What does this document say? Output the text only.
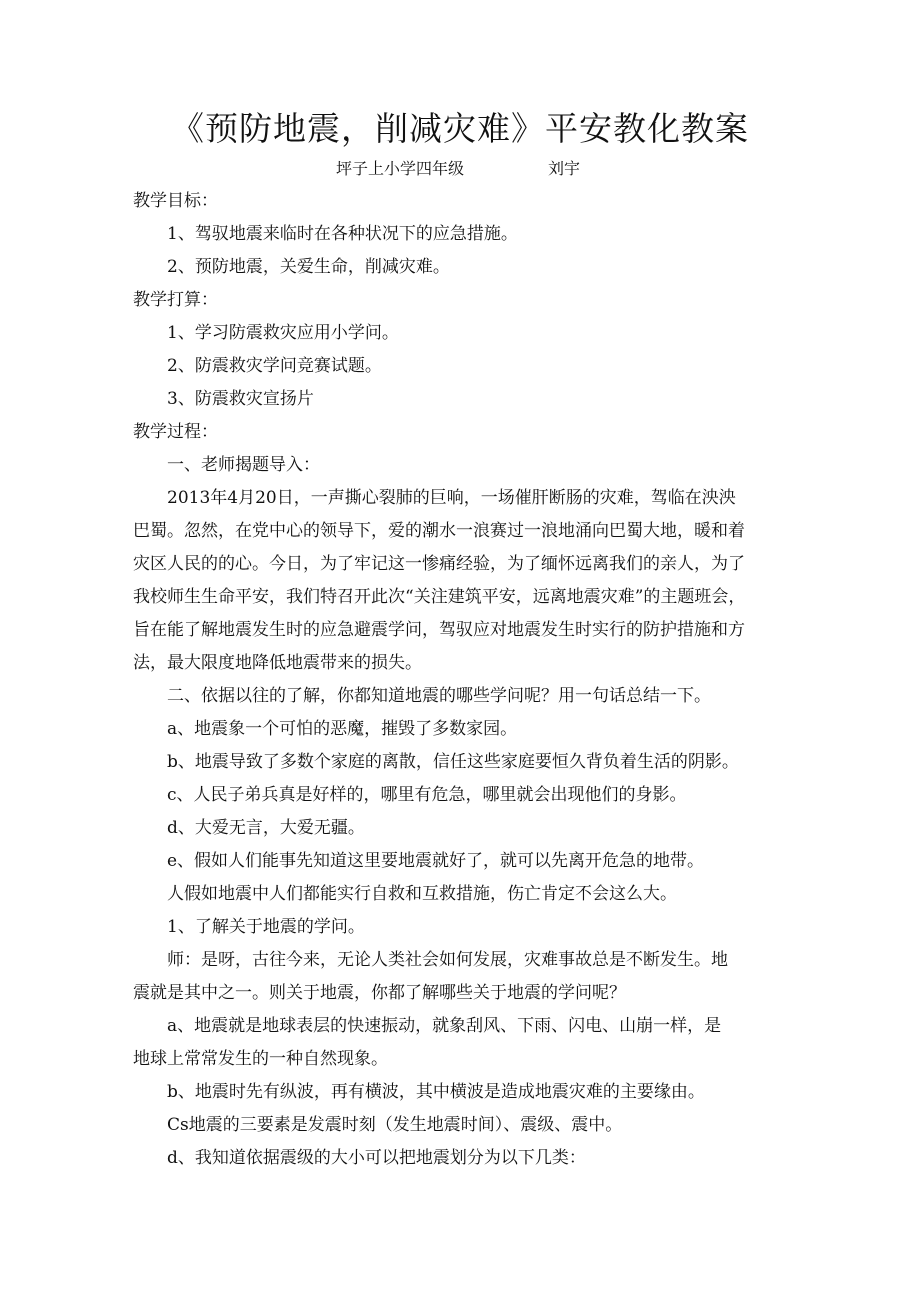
《预防地震，削减灾难》平安教化教案
坪子上小学四年级	刘宇
教学目标：
1、驾驭地震来临时在各种状况下的应急措施。
2、预防地震，关爱生命，削减灾难。
教学打算：
1、学习防震救灾应用小学问。
2、防震救灾学问竞赛试题。
3、防震救灾宣扬片
教学过程：
一、老师揭题导入：
2013年4月20日，一声撕心裂肺的巨响，一场催肝断肠的灾难，驾临在泱泱
巴蜀。忽然，在党中心的领导下，爱的潮水一浪赛过一浪地涌向巴蜀大地，暖和着
灾区人民的的心。今日，为了牢记这一惨痛经验，为了缅怀远离我们的亲人，为了
我校师生生命平安，我们特召开此次“关注建筑平安，远离地震灾难”的主题班会，
旨在能了解地震发生时的应急避震学问，驾驭应对地震发生时实行的防护措施和方
法，最大限度地降低地震带来的损失。
二、依据以往的了解，你都知道地震的哪些学问呢？用一句话总结一下。
a、地震象一个可怕的恶魔，摧毁了多数家园。
b、地震导致了多数个家庭的离散，信任这些家庭要恒久背负着生活的阴影。
c、人民子弟兵真是好样的，哪里有危急，哪里就会出现他们的身影。
d、大爱无言，大爱无疆。
e、假如人们能事先知道这里要地震就好了，就可以先离开危急的地带。
人假如地震中人们都能实行自救和互救措施，伤亡肯定不会这么大。
1、了解关于地震的学问。
师：是呀，古往今来，无论人类社会如何发展，灾难事故总是不断发生。地
震就是其中之一。则关于地震，你都了解哪些关于地震的学问呢？
a、地震就是地球表层的快速振动，就象刮风、下雨、闪电、山崩一样，是
地球上常常发生的一种自然现象。
b、地震时先有纵波，再有横波，其中横波是造成地震灾难的主要缘由。
Cs地震的三要素是发震时刻（发生地震时间）、震级、震中。
d、我知道依据震级的大小可以把地震划分为以下几类：
